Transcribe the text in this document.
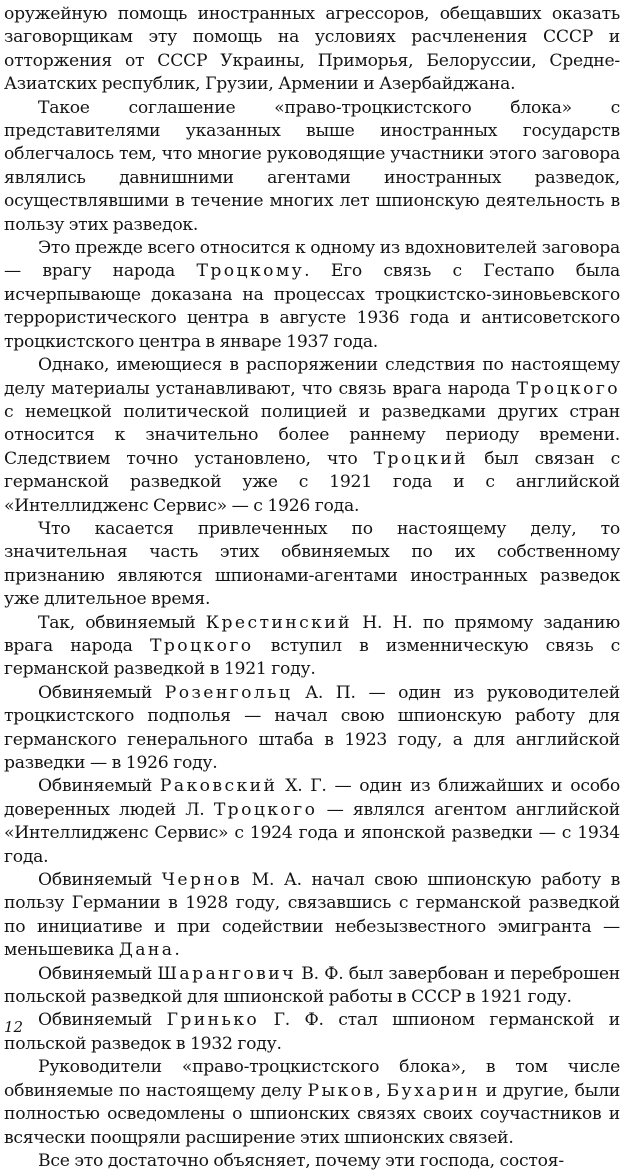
оружейную помощь иностранных агрессоров, обещавших оказать заговорщикам эту помощь на условиях расчленения СССР и отторжения от СССР Украины, Приморья, Белоруссии, Средне-Азиатских республик, Грузии, Армении и Азербайджана.

Такое соглашение «право-троцкистского блока» с представителями указанных выше иностранных государств облегчалось тем, что многие руководящие участники этого заговора являлись давнишними агентами иностранных разведок, осуществлявшими в течение многих лет шпионскую деятельность в пользу этих разведок.

Это прежде всего относится к одному из вдохновителей заговора — врагу народа Троцкому. Его связь с Гестапо была исчерпывающе доказана на процессах троцкистско-зиновьевского террористического центра в августе 1936 года и антисоветского троцкистского центра в январе 1937 года.

Однако, имеющиеся в распоряжении следствия по настоящему делу материалы устанавливают, что связь врага народа Троцкого с немецкой политической полицией и разведками других стран относится к значительно более раннему периоду времени. Следствием точно установлено, что Троцкий был связан с германской разведкой уже с 1921 года и с английской «Интеллидженс Сервис» — с 1926 года.

Что касается привлеченных по настоящему делу, то значительная часть этих обвиняемых по их собственному признанию являются шпионами-агентами иностранных разведок уже длительное время.

Так, обвиняемый Крестинский Н. Н. по прямому заданию врага народа Троцкого вступил в изменническую связь с германской разведкой в 1921 году.

Обвиняемый Розенгольц А. П. — один из руководителей троцкистского подполья — начал свою шпионскую работу для германского генерального штаба в 1923 году, а для английской разведки — в 1926 году.

Обвиняемый Раковский Х. Г. — один из ближайших и особо доверенных людей Л. Троцкого — являлся агентом английской «Интеллидженс Сервис» с 1924 года и японской разведки — с 1934 года.

Обвиняемый Чернов М. А. начал свою шпионскую работу в пользу Германии в 1928 году, связавшись с германской разведкой по инициативе и при содействии небезызвестного эмигранта — меньшевика Дана.

Обвиняемый Шарангович В. Ф. был завербован и переброшен польской разведкой для шпионской работы в СССР в 1921 году.

Обвиняемый Гринько Г. Ф. стал шпионом германской и польской разведок в 1932 году.

Руководители «право-троцкистского блока», в том числе обвиняемые по настоящему делу Рыков, Бухарин и другие, были полностью осведомлены о шпионских связях своих соучастников и всячески поощряли расширение этих шпионских связей.

Все это достаточно объясняет, почему эти господа, состоя-

12
